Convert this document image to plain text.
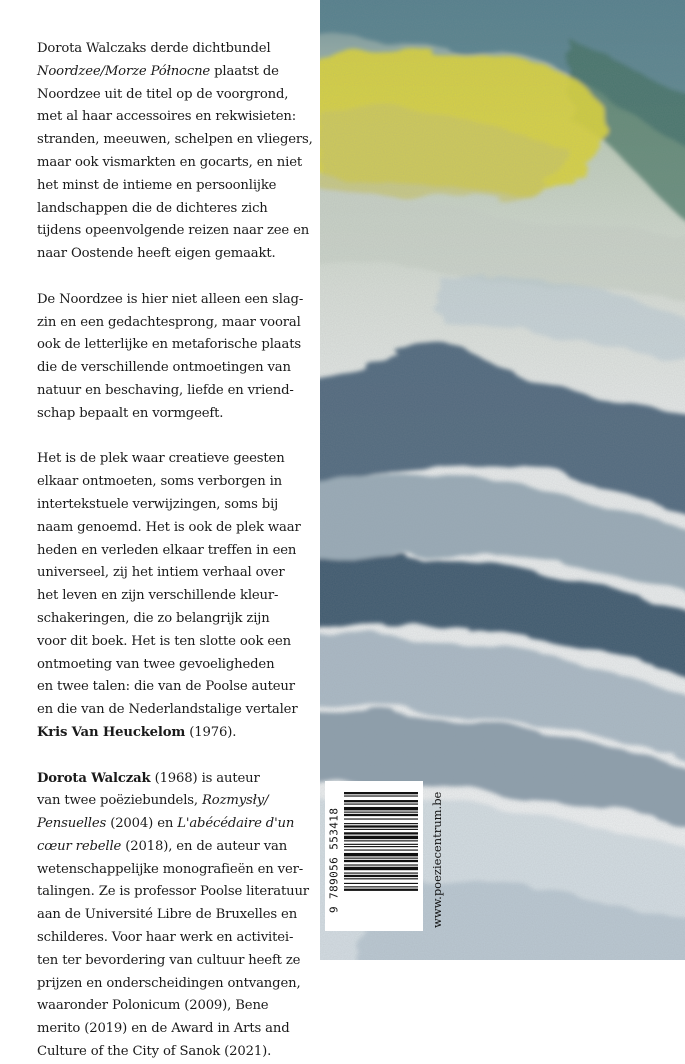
Dorota Walczaks derde dichtbundel
Noordzee/Morze Północne plaatst de
Noordzee uit de titel op de voorgrond,
met al haar accessoires en rekwisieten:
stranden, meeuwen, schelpen en vliegers,
maar ook vismarkten en gocarts, en niet
het minst de intieme en persoonlijke
landschappen die de dichteres zich
tijdens opeenvolgende reizen naar zee en
naar Oostende heeft eigen gemaakt.
De Noordzee is hier niet alleen een slag-
zin en een gedachtesprong, maar vooral
ook de letterlijke en metaforische plaats
die de verschillende ontmoetingen van
natuur en beschaving, liefde en vriend-
schap bepaalt en vormgeeft.
Het is de plek waar creatieve geesten
elkaar ontmoeten, soms verborgen in
intertekstuele verwijzingen, soms bij
naam genoemd. Het is ook de plek waar
heden en verleden elkaar treffen in een
universeel, zij het intiem verhaal over
het leven en zijn verschillende kleur-
schakeringen, die zo belangrijk zijn
voor dit boek. Het is ten slotte ook een
ontmoeting van twee gevoeligheden
en twee talen: die van de Poolse auteur
en die van de Nederlandstalige vertaler
Kris Van Heuckelom (1976).
Dorota Walczak (1968) is auteur
van twee poëziebundels, Rozmysły/
Pensuelles (2004) en L'abécédaire d'un
cœur rebelle (2018), en de auteur van
wetenschappelijke monografieën en ver-
talingen. Ze is professor Poolse literatuur
aan de Université Libre de Bruxelles en
schilderes. Voor haar werk en activitei-
ten ter bevordering van cultuur heeft ze
prijzen en onderscheidingen ontvangen,
waaronder Polonicum (2009), Bene
merito (2019) en de Award in Arts and
Culture of the City of Sanok (2021).
9 789056 553418	www.poeziecentrum.be
